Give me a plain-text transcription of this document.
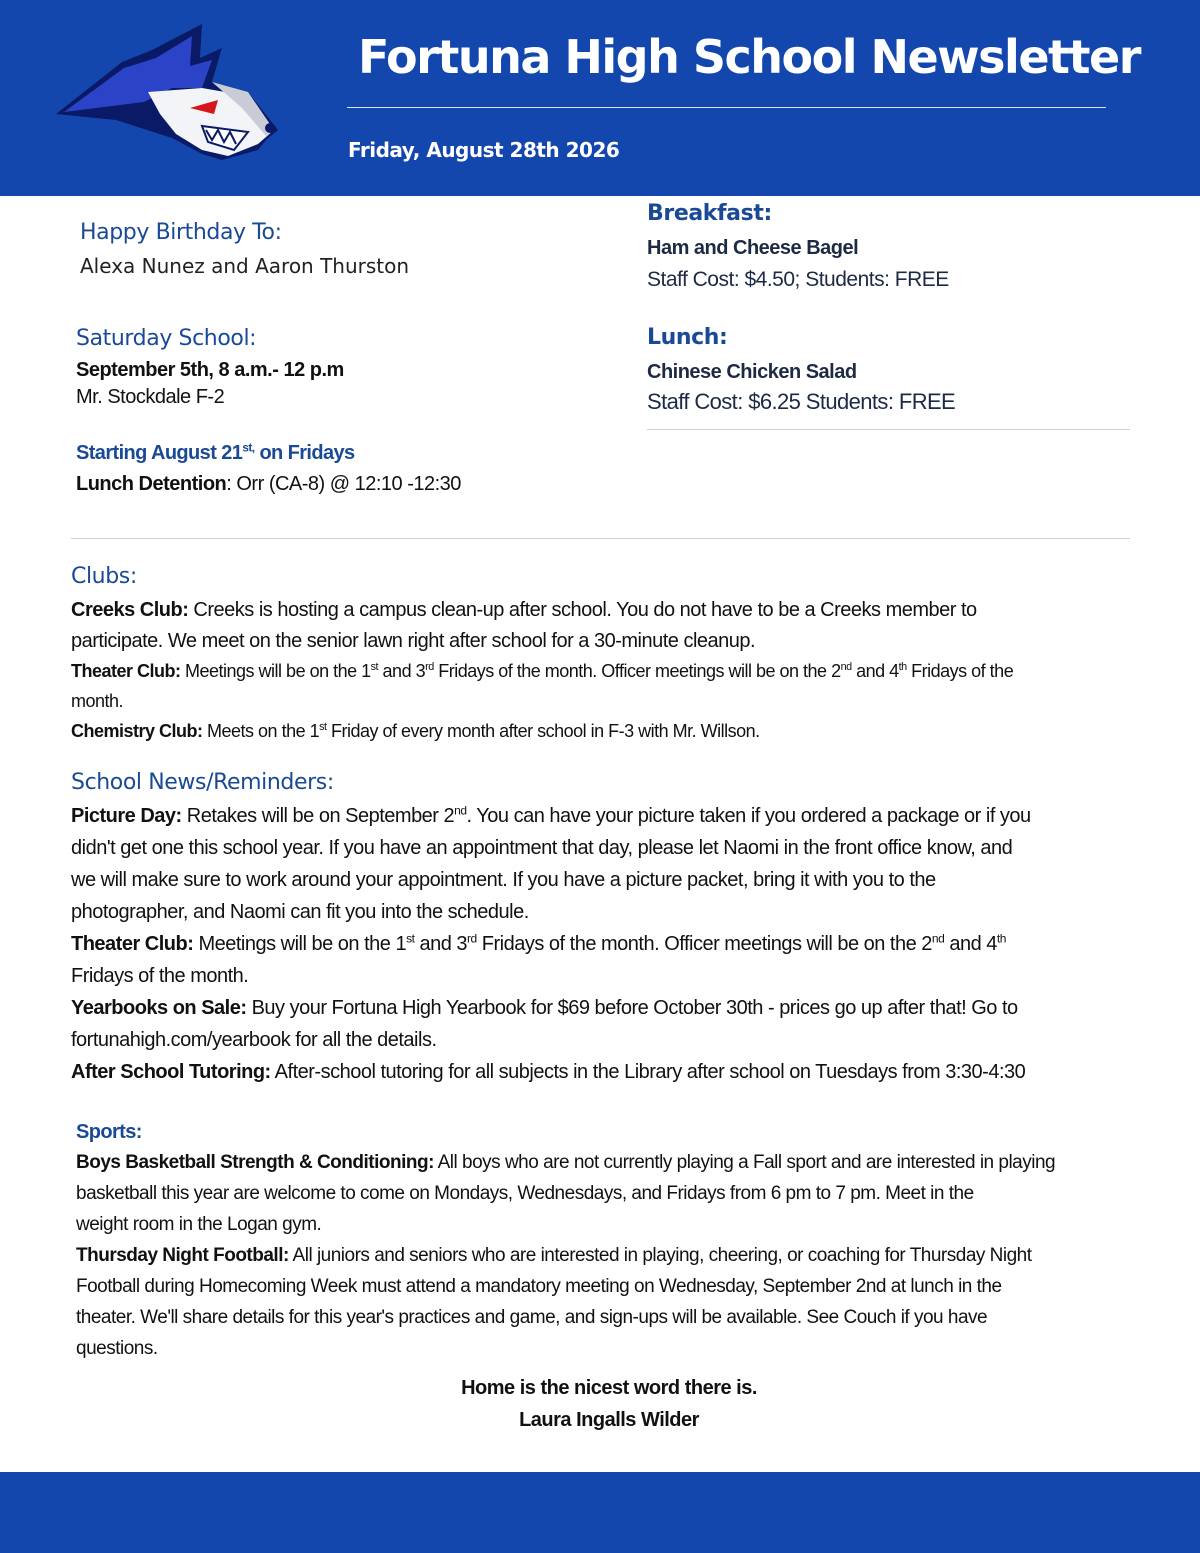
Fortuna High School Newsletter
Friday, August 28th 2026
Happy Birthday To:
Alexa Nunez and Aaron Thurston
Saturday School:
September 5th, 8 a.m.- 12 p.m
Mr. Stockdale F-2
Starting August $21^{st,}$ on Fridays
Lunch Detention: Orr (CA-8) @ 12:10 -12:30
Breakfast:
Ham and Cheese Bagel
Staff Cost: $4.50; Students: FREE
Lunch:
Chinese Chicken Salad
Staff Cost: $6.25 Students: FREE
Clubs:
Creeks Club: Creeks is hosting a campus clean-up after school. You do not have to be a Creeks member to
participate. We meet on the senior lawn right after school for a 30-minute cleanup.
Theater Club: Meetings will be on the 1st and 3rd Fridays of the month. Officer meetings will be on the 2nd and 4th Fridays of the
month.
Chemistry Club: Meets on the 1st Friday of every month after school in F-3 with Mr. Willson.
School News/Reminders:
Picture Day: Retakes will be on September 2nd. You can have your picture taken if you ordered a package or if you
didn't get one this school year. If you have an appointment that day, please let Naomi in the front office know, and
we will make sure to work around your appointment. If you have a picture packet, bring it with you to the
photographer, and Naomi can fit you into the schedule.
Theater Club: Meetings will be on the 1st and 3rd Fridays of the month. Officer meetings will be on the 2nd and 4th
Fridays of the month.
Yearbooks on Sale: Buy your Fortuna High Yearbook for $69 before October 30th - prices go up after that! Go to
fortunahigh.com/yearbook for all the details.
After School Tutoring: After-school tutoring for all subjects in the Library after school on Tuesdays from 3:30-4:30
Sports:
Boys Basketball Strength & Conditioning: All boys who are not currently playing a Fall sport and are interested in playing
basketball this year are welcome to come on Mondays, Wednesdays, and Fridays from 6 pm to 7 pm. Meet in the
weight room in the Logan gym.
Thursday Night Football: All juniors and seniors who are interested in playing, cheering, or coaching for Thursday Night
Football during Homecoming Week must attend a mandatory meeting on Wednesday, September 2nd at lunch in the
theater. We'll share details for this year's practices and game, and sign-ups will be available. See Couch if you have
questions.
Home is the nicest word there is.
Laura Ingalls Wilder
